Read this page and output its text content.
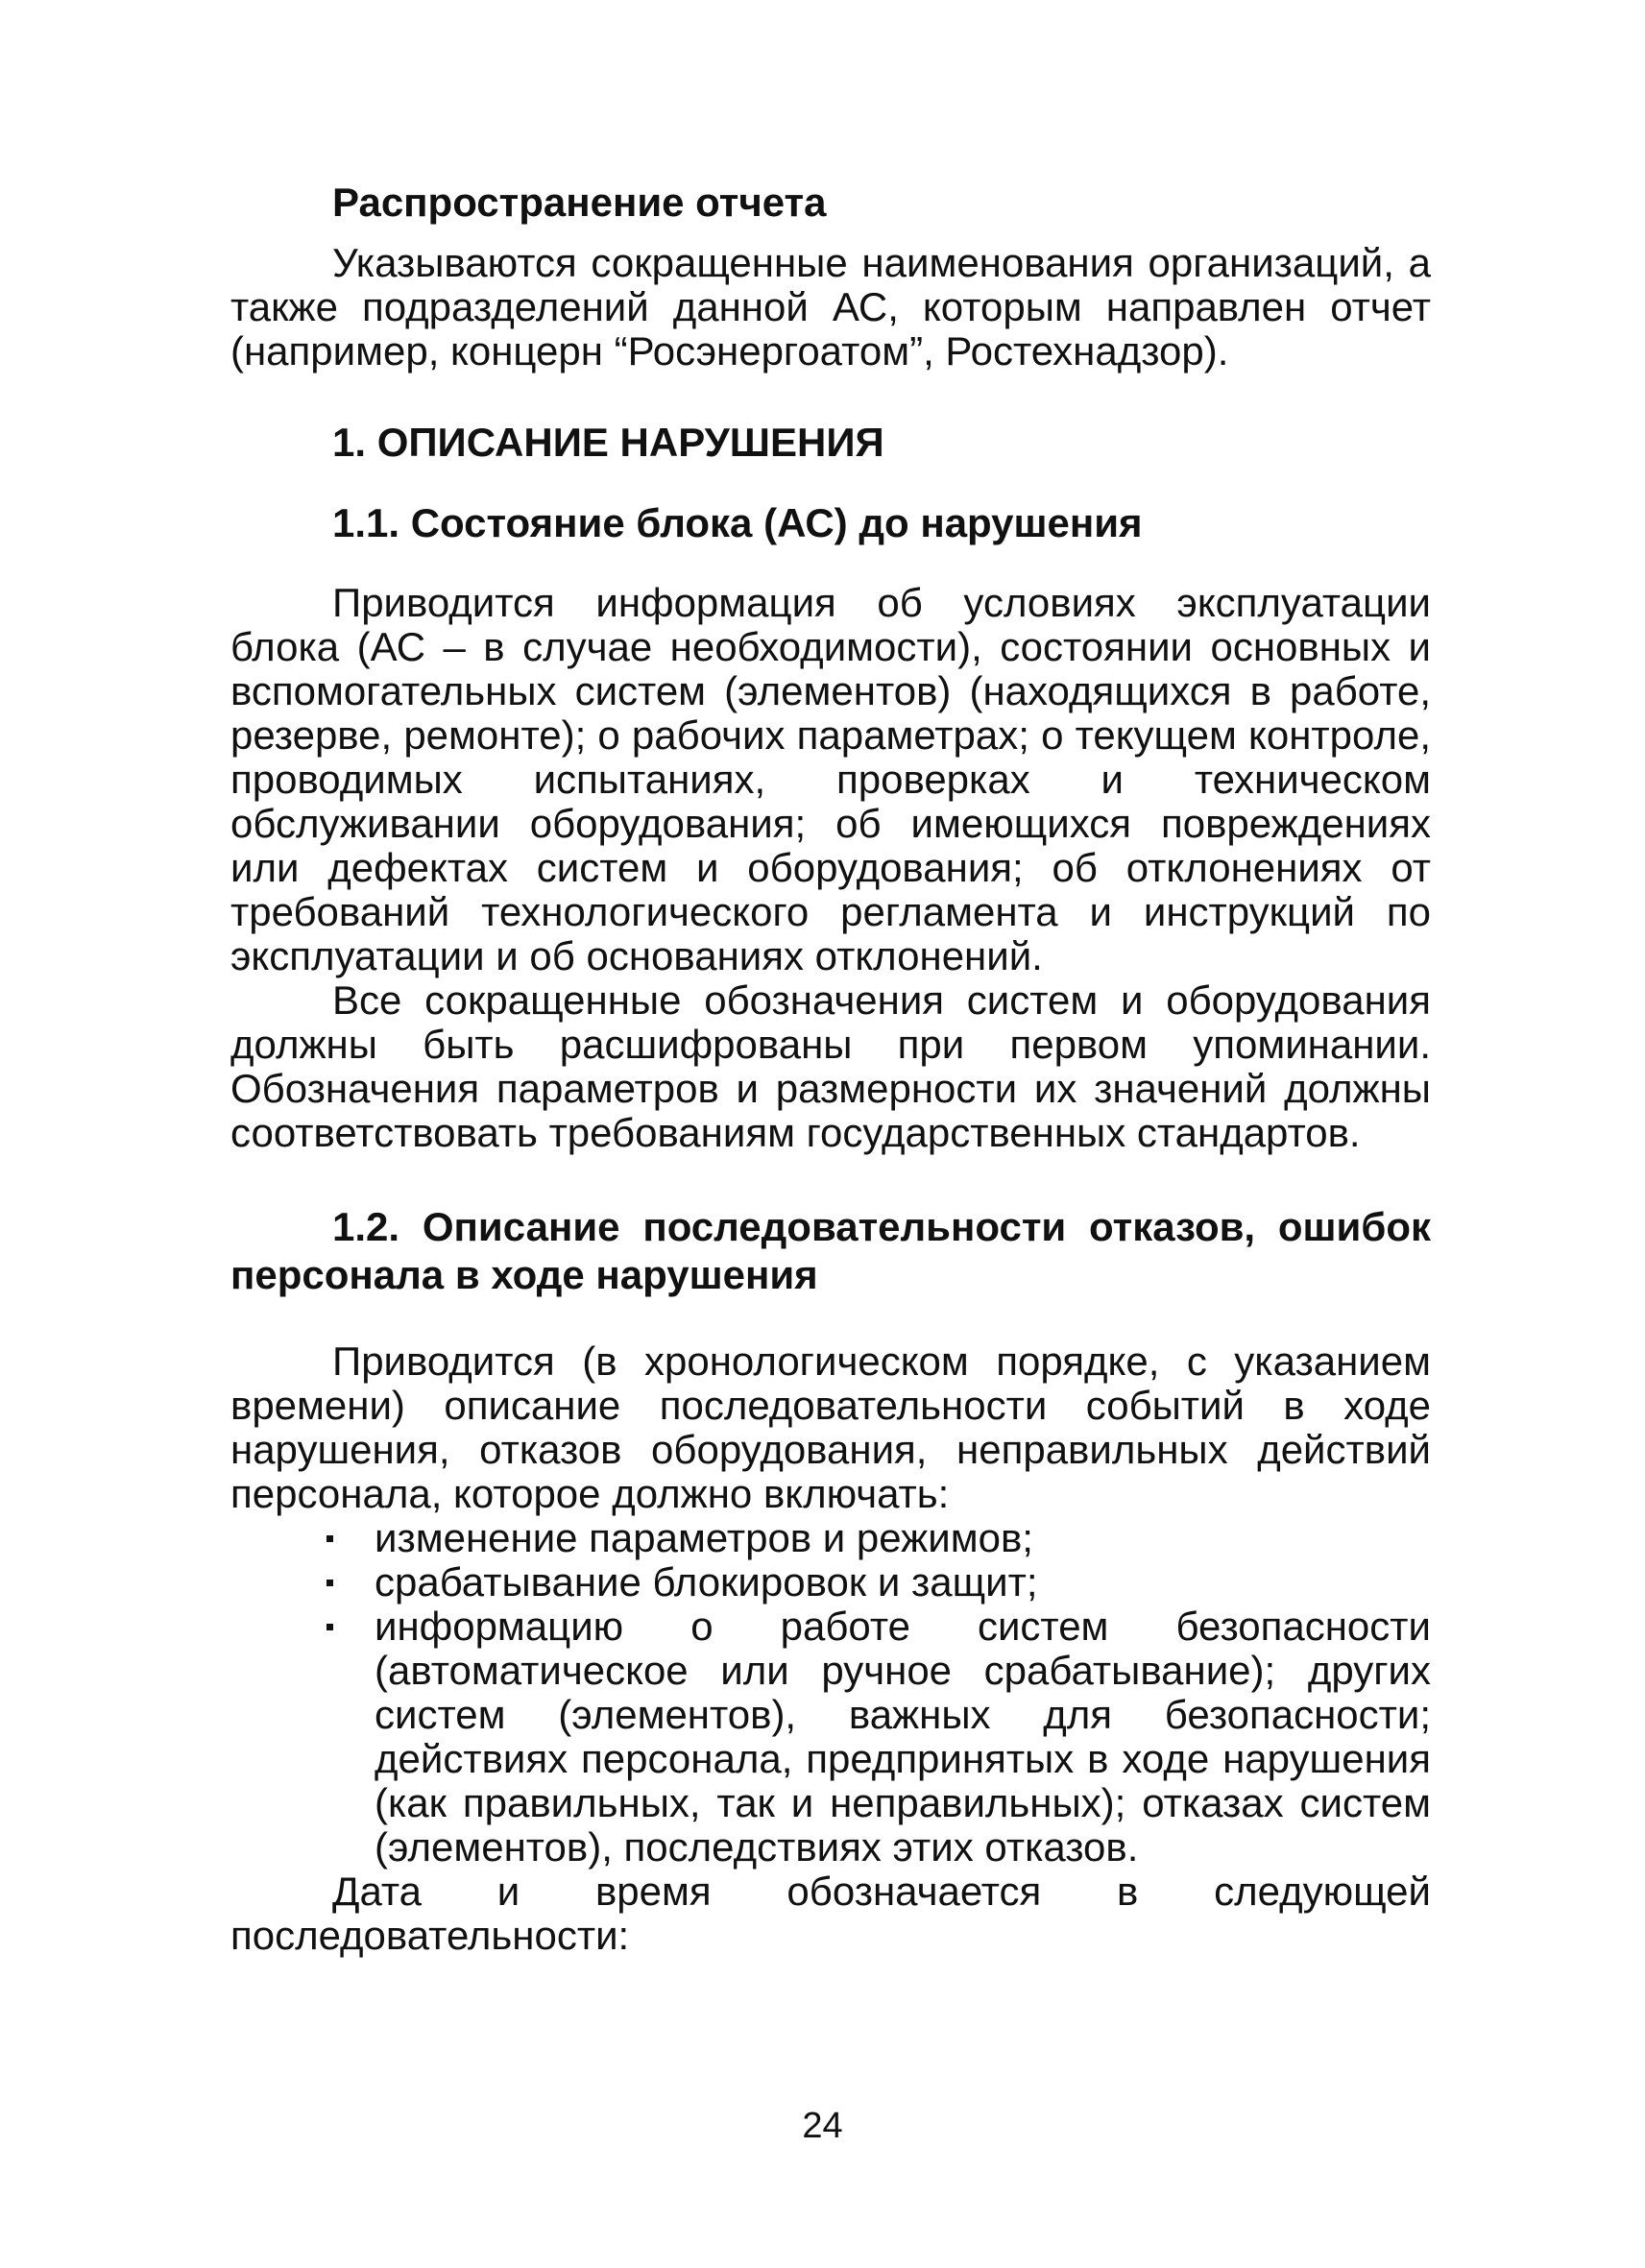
Распространение отчета

Указываются сокращенные наименования организаций, а также подразделений данной АС, которым направлен отчет (например, концерн “Росэнергоатом”, Ростехнадзор).

1. ОПИСАНИЕ НАРУШЕНИЯ
1.1. Состояние блока (АС) до нарушения

Приводится информация об условиях эксплуатации блока (АС – в случае необходимости), состоянии основных и вспомогательных систем (элементов) (находящихся в работе, резерве, ремонте); о рабочих параметрах; о текущем контроле, проводимых испытаниях, проверках и техническом обслуживании оборудования; об имеющихся повреждениях или дефектах систем и оборудования; об отклонениях от требований технологического регламента и инструкций по эксплуатации и об основаниях отклонений.

Все сокращенные обозначения систем и оборудования должны быть расшифрованы при первом упоминании. Обозначения параметров и размерности их значений должны соответствовать требованиям государственных стандартов.

1.2. Описание последовательности отказов, ошибок персонала в ходе нарушения

Приводится (в хронологическом порядке, с указанием времени) описание последовательности событий в ходе нарушения, отказов оборудования, неправильных действий персонала, которое должно включать:

изменение параметров и режимов;
срабатывание блокировок и защит;
информацию о работе систем безопасности (автоматическое или ручное срабатывание); других систем (элементов), важных для безопасности; действиях персонала, предпринятых в ходе нарушения (как правильных, так и неправильных); отказах систем (элементов), последствиях этих отказов.

Дата и время обозначается в следующей последовательности:

24
